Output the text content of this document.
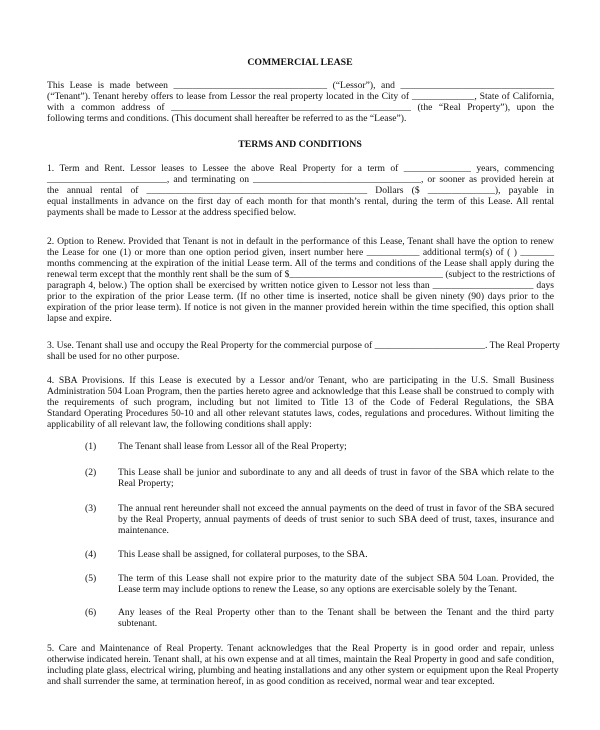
COMMERCIAL LEASE
This Lease is made between ________________________________ (“Lessor”), and ________________________________
(“Tenant”). Tenant hereby offers to lease from Lessor the real property located in the City of _____________, State of California,
with a common address of __________________________________________________ (the “Real Property”), upon the
following terms and conditions. (This document shall hereafter be referred to as the “Lease”).
TERMS AND CONDITIONS
1. Term and Rent. Lessor leases to Lessee the above Real Property for a term of ______________ years, commencing
_________________________, and terminating on ___________________________________, or sooner as provided herein at
the annual rental of ______________________________________________ Dollars ($ ______________), payable in
equal installments in advance on the first day of each month for that month’s rental, during the term of this Lease. All rental
payments shall be made to Lessor at the address specified below.
2. Option to Renew. Provided that Tenant is not in default in the performance of this Lease, Tenant shall have the option to renew
the Lease for one (1) or more than one option period given, insert number here ___________ additional term(s) of ( ) _______
months commencing at the expiration of the initial Lease term. All of the terms and conditions of the Lease shall apply during the
renewal term except that the monthly rent shall be the sum of $________________________________ (subject to the restrictions of
paragraph 4, below.) The option shall be exercised by written notice given to Lessor not less than _____________________ days
prior to the expiration of the prior Lease term. (If no other time is inserted, notice shall be given ninety (90) days prior to the
expiration of the prior lease term). If notice is not given in the manner provided herein within the time specified, this option shall
lapse and expire.
3. Use. Tenant shall use and occupy the Real Property for the commercial purpose of _______________________. The Real Property
shall be used for no other purpose.
4. SBA Provisions. If this Lease is executed by a Lessor and/or Tenant, who are participating in the U.S. Small Business
Administration 504 Loan Program, then the parties hereto agree and acknowledge that this Lease shall be construed to comply with
the requirements of such program, including but not limited to Title 13 of the Code of Federal Regulations, the SBA
Standard Operating Procedures 50-10 and all other relevant statutes laws, codes, regulations and procedures. Without limiting the
applicability of all relevant law, the following conditions shall apply:
(1) The Tenant shall lease from Lessor all of the Real Property;
(2) This Lease shall be junior and subordinate to any and all deeds of trust in favor of the SBA which relate to the
Real Property;
(3) The annual rent hereunder shall not exceed the annual payments on the deed of trust in favor of the SBA secured
by the Real Property, annual payments of deeds of trust senior to such SBA deed of trust, taxes, insurance and
maintenance.
(4) This Lease shall be assigned, for collateral purposes, to the SBA.
(5) The term of this Lease shall not expire prior to the maturity date of the subject SBA 504 Loan. Provided, the
Lease term may include options to renew the Lease, so any options are exercisable solely by the Tenant.
(6) Any leases of the Real Property other than to the Tenant shall be between the Tenant and the third party
subtenant.
5. Care and Maintenance of Real Property. Tenant acknowledges that the Real Property is in good order and repair, unless
otherwise indicated herein. Tenant shall, at his own expense and at all times, maintain the Real Property in good and safe condition,
including plate glass, electrical wiring, plumbing and heating installations and any other system or equipment upon the Real Property
and shall surrender the same, at termination hereof, in as good condition as received, normal wear and tear excepted.
